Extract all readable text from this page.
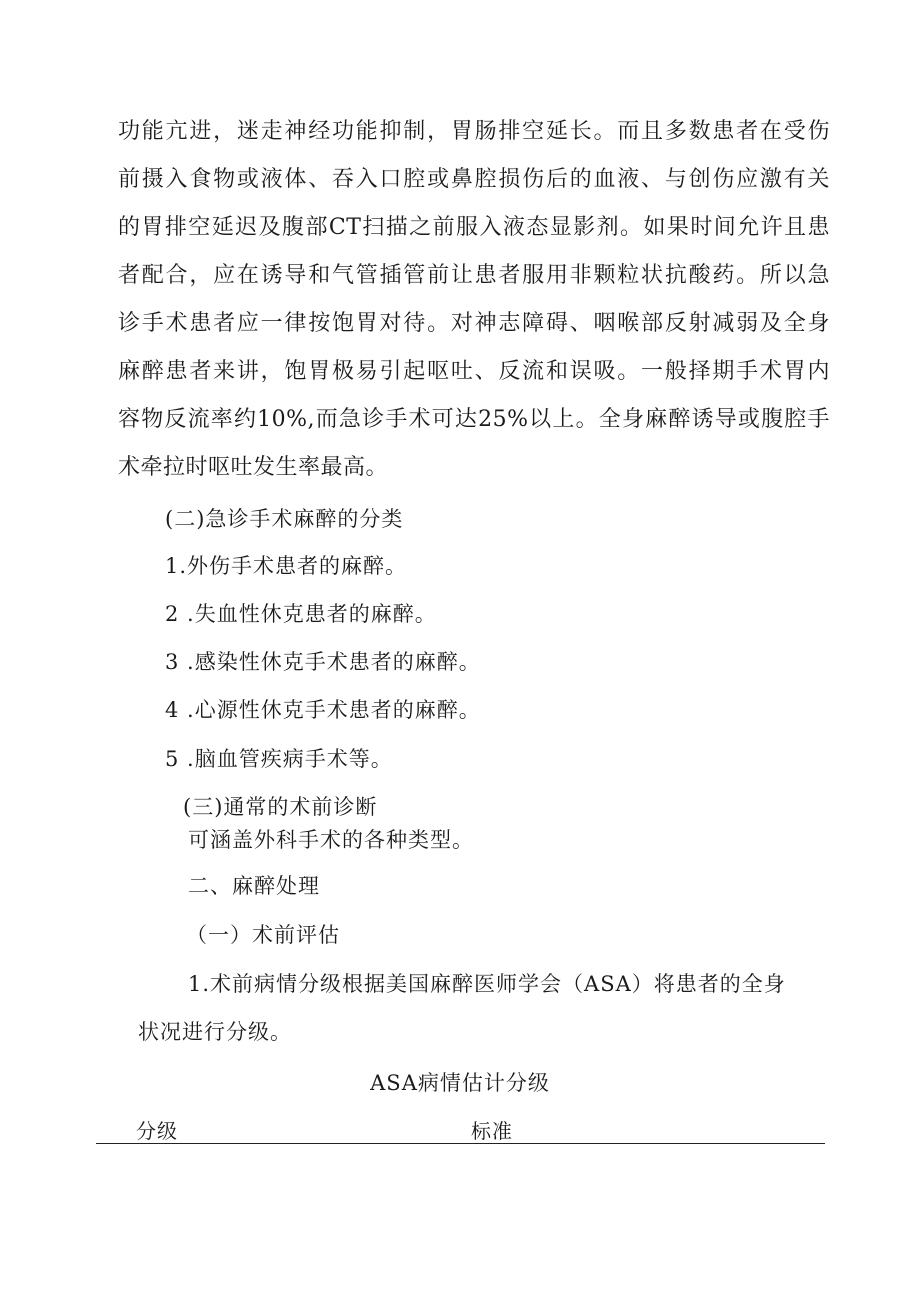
功能亢进，迷走神经功能抑制，胃肠排空延长。而且多数患者在受伤
前摄入食物或液体、吞入口腔或鼻腔损伤后的血液、与创伤应激有关
的胃排空延迟及腹部CT扫描之前服入液态显影剂。如果时间允许且患
者配合，应在诱导和气管插管前让患者服用非颗粒状抗酸药。所以急
诊手术患者应一律按饱胃对待。对神志障碍、咽喉部反射减弱及全身
麻醉患者来讲，饱胃极易引起呕吐、反流和误吸。一般择期手术胃内
容物反流率约10%,而急诊手术可达25%以上。全身麻醉诱导或腹腔手
术牵拉时呕吐发生率最高。
(二)急诊手术麻醉的分类
1.外伤手术患者的麻醉。
2 .失血性休克患者的麻醉。
3 .感染性休克手术患者的麻醉。
4 .心源性休克手术患者的麻醉。
5 .脑血管疾病手术等。
(三)通常的术前诊断
可涵盖外科手术的各种类型。
二、麻醉处理
（一）术前评估
1.术前病情分级根据美国麻醉医师学会（ASA）将患者的全身
状况进行分级。
ASA病情估计分级
分级	标准
